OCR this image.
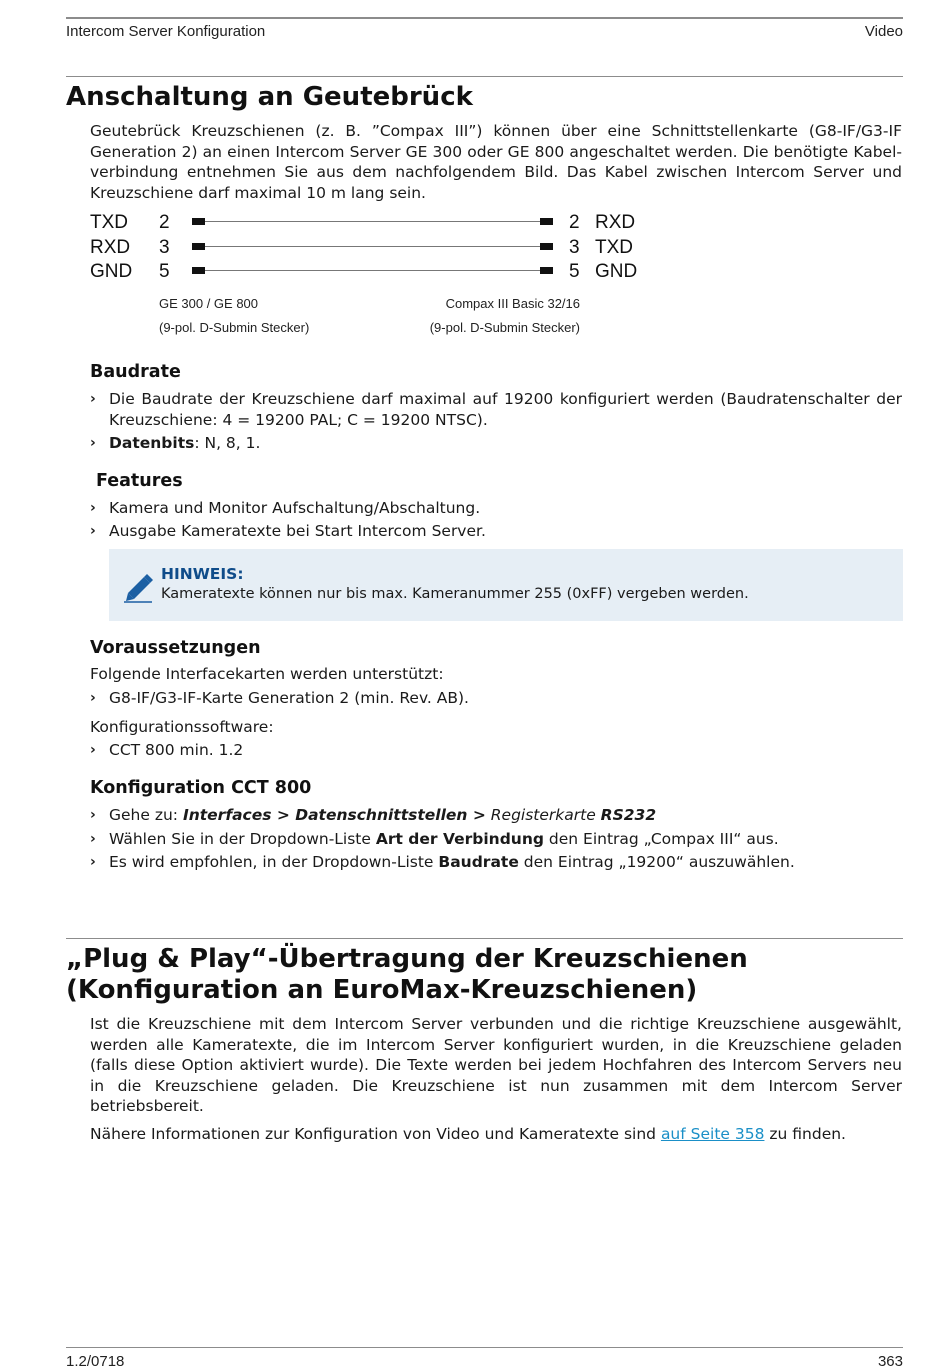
Intercom Server Konfiguration	Video
Anschaltung an Geutebrück
Geutebrück Kreuzschienen (z. B. ”Compax III”) können über eine Schnittstellenkarte (G8-IF/G3-IF
Generation 2) an einen Intercom Server GE 300 oder GE 800 angeschaltet werden. Die benötigte Kabel-
verbindung entnehmen Sie aus dem nachfolgendem Bild. Das Kabel zwischen Intercom Server und
Kreuzschiene darf maximal 10 m lang sein.
TXD 2	2 RXD
RXD 3	3 TXD
GND 5	5 GND
GE 300 / GE 800
(9-pol. D-Submin Stecker)
Compax III Basic 32/16
(9-pol. D-Submin Stecker)
Baudrate
› Die Baudrate der Kreuzschiene darf maximal auf 19200 konfiguriert werden (Baudratenschalter der
Kreuzschiene: 4 = 19200 PAL; C = 19200 NTSC).
› Datenbits: N, 8, 1.
Features
› Kamera und Monitor Aufschaltung/Abschaltung.
› Ausgabe Kameratexte bei Start Intercom Server.
HINWEIS:
Kameratexte können nur bis max. Kameranummer 255 (0xFF) vergeben werden.
Voraussetzungen
Folgende Interfacekarten werden unterstützt:
› G8-IF/G3-IF-Karte Generation 2 (min. Rev. AB).
Konfigurationssoftware:
› CCT 800 min. 1.2
Konfiguration CCT 800
› Gehe zu: Interfaces > Datenschnittstellen > Registerkarte RS232
› Wählen Sie in der Dropdown-Liste Art der Verbindung den Eintrag „Compax III“ aus.
› Es wird empfohlen, in der Dropdown-Liste Baudrate den Eintrag „19200“ auszuwählen.
„Plug & Play“-Übertragung der Kreuzschienen
(Konfiguration an EuroMax-Kreuzschienen)
Ist die Kreuzschiene mit dem Intercom Server verbunden und die richtige Kreuzschiene ausgewählt,
werden alle Kameratexte, die im Intercom Server konfiguriert wurden, in die Kreuzschiene geladen
(falls diese Option aktiviert wurde). Die Texte werden bei jedem Hochfahren des Intercom Servers neu
in die Kreuzschiene geladen. Die Kreuzschiene ist nun zusammen mit dem Intercom Server
betriebsbereit.
Nähere Informationen zur Konfiguration von Video und Kameratexte sind auf Seite 358 zu finden.
1.2/0718	363
